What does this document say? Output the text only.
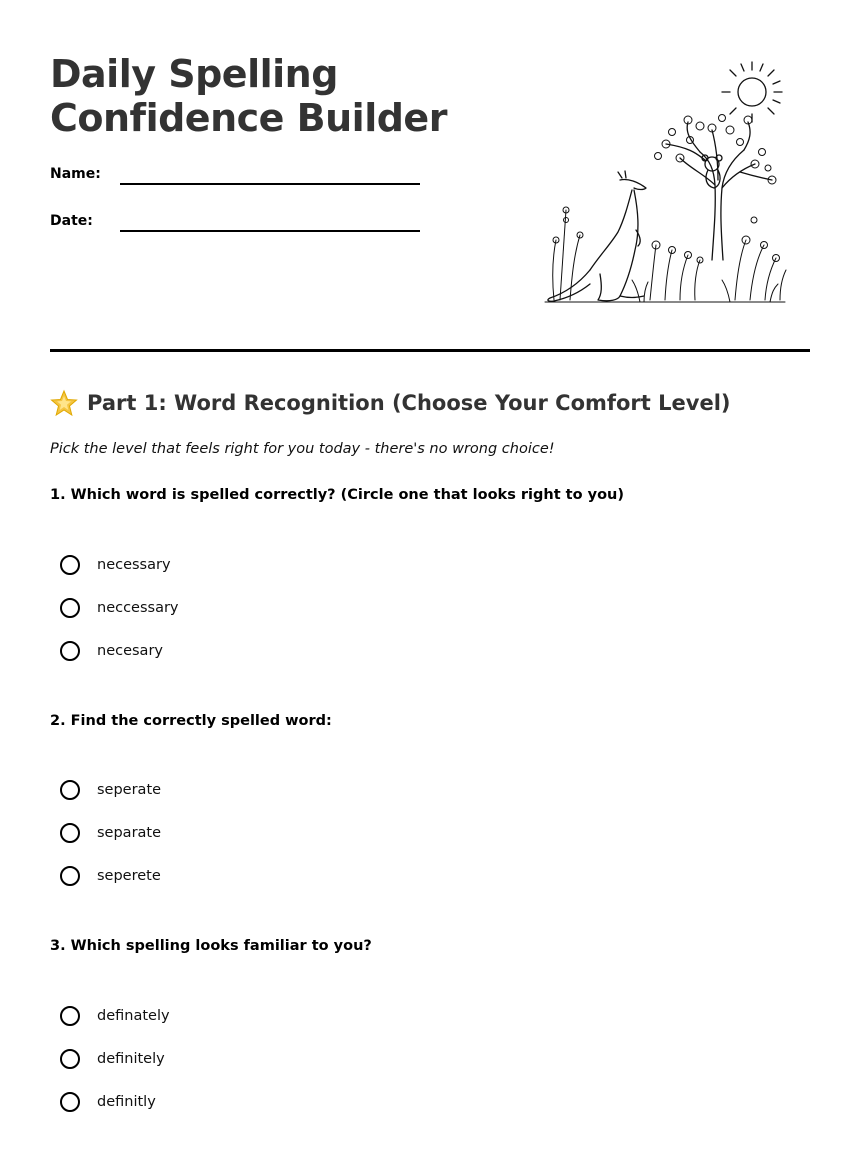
Daily Spelling
Confidence Builder
Name:
Date:
Part 1: Word Recognition (Choose Your Comfort Level)
Pick the level that feels right for you today - there's no wrong choice!
1. Which word is spelled correctly? (Circle one that looks right to you)
necessary
neccessary
necesary
2. Find the correctly spelled word:
seperate
separate
seperete
3. Which spelling looks familiar to you?
definately
definitely
definitly
